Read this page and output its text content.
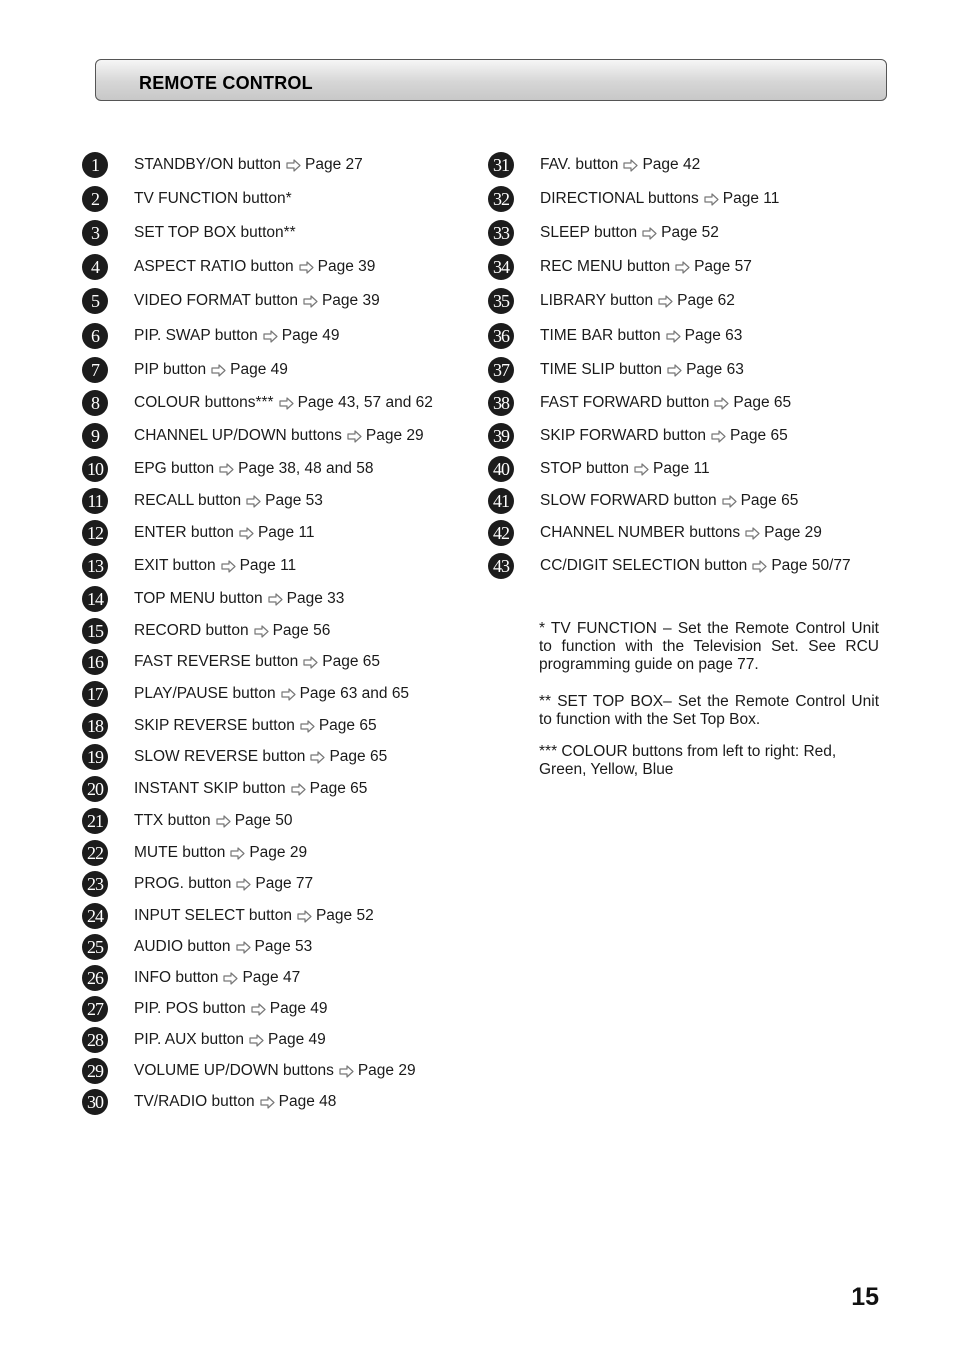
REMOTE CONTROL
1	STANDBY/ON button Page 27
2	TV FUNCTION button*
3	SET TOP BOX button**
4	ASPECT RATIO button Page 39
5	VIDEO FORMAT button Page 39
6	PIP. SWAP button Page 49
7	PIP button Page 49
8	COLOUR buttons*** Page 43, 57 and 62
9	CHANNEL UP/DOWN buttons Page 29
10	EPG button Page 38, 48 and 58
11	RECALL button Page 53
12	ENTER button Page 11
13	EXIT button Page 11
14	TOP MENU button Page 33
15	RECORD button Page 56
16	FAST REVERSE button Page 65
17	PLAY/PAUSE button Page 63 and 65
18	SKIP REVERSE button Page 65
19	SLOW REVERSE button Page 65
20	INSTANT SKIP button Page 65
21	TTX button Page 50
22	MUTE button Page 29
23	PROG. button Page 77
24	INPUT SELECT button Page 52
25	AUDIO button Page 53
26	INFO button Page 47
27	PIP. POS button Page 49
28	PIP. AUX button Page 49
29	VOLUME UP/DOWN buttons Page 29
30	TV/RADIO button Page 48
31	FAV. button Page 42
32	DIRECTIONAL buttons Page 11
33	SLEEP button Page 52
34	REC MENU button Page 57
35	LIBRARY button Page 62
36	TIME BAR button Page 63
37	TIME SLIP button Page 63
38	FAST FORWARD button Page 65
39	SKIP FORWARD button Page 65
40	STOP button Page 11
41	SLOW FORWARD button Page 65
42	CHANNEL NUMBER buttons Page 29
43	CC/DIGIT SELECTION button Page 50/77
* TV FUNCTION – Set the Remote Control Unit to function with the Television Set. See RCU programming guide on page 77.
** SET TOP BOX– Set the Remote Control Unit to function with the Set Top Box.
*** COLOUR buttons from left to right: Red, Green, Yellow, Blue
15
